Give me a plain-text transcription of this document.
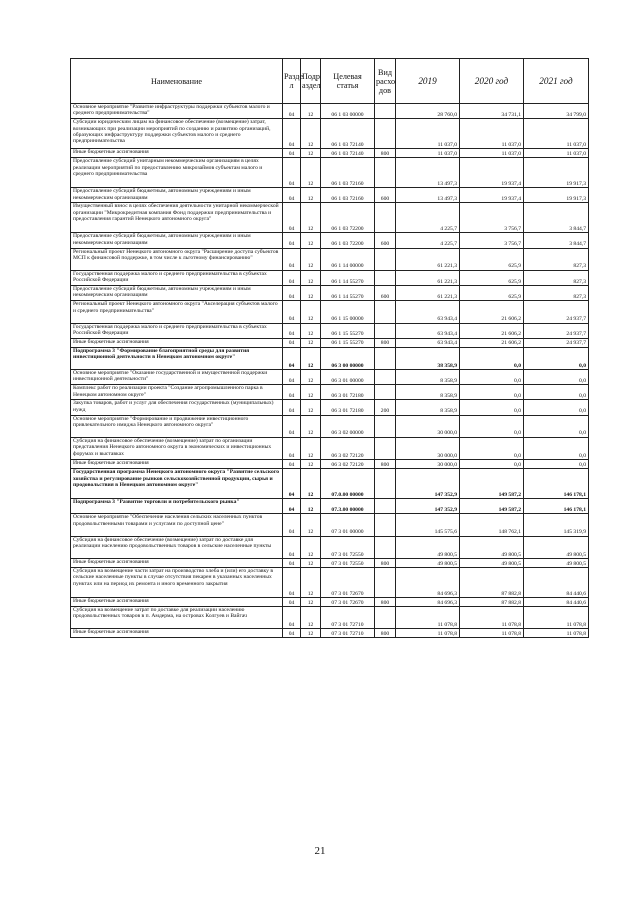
Наименование	Разде л	Подр аздел	Целевая статья	Вид расхо дов	2019	2020 год	2021 год
Основное мероприятие "Развитие инфраструктуры поддержки субъектов малого и среднего предпринимательства"	04	12	06 1 03 00000		28 760,0	34 731,1	34 799,0
Субсидии юридическим лицам на финансовое обеспечение (возмещение) затрат, возникающих при реализации мероприятий по созданию и развитию организаций, образующих инфраструктуру поддержки субъектов малого и среднего предпринимательства	04	12	06 1 03 72140		11 037,0	11 037,0	11 037,0
Иные бюджетные ассигнования	04	12	06 1 03 72140	800	11 037,0	11 037,0	11 037,0
Предоставление субсидий унитарным некоммерческим организациям в целях реализации мероприятий по предоставлению микрозаймов субъектам малого и среднего предпринимательства	04	12	06 1 03 72160		13 497,3	19 937,4	19 917,3
Предоставление субсидий бюджетным, автономным учреждениям и иным некоммерческим организациям	04	12	06 1 03 72160	600	13 497,3	19 937,4	19 917,3
Имущественный взнос в целях обеспечения деятельности унитарной некоммерческой организации "Микрокредитная компания Фонд поддержки предпринимательства и предоставления гарантий Ненецкого автономного округа"	04	12	06 1 03 72200		4 225,7	3 756,7	3 844,7
Предоставление субсидий бюджетным, автономным учреждениям и иным некоммерческим организациям	04	12	06 1 03 72200	600	4 225,7	3 756,7	3 844,7
Региональный проект Ненецкого автономного округа "Расширение доступа субъектов МСП к финансовой поддержке, в том числе к льготному финансированию"	04	12	06 1 14 00000		61 221,3	625,9	827,3
Государственная поддержка малого и среднего предпринимательства в субъектах Российской Федерации	04	12	06 1 14 55270		61 221,3	625,9	827,3
Предоставление субсидий бюджетным, автономным учреждениям и иным некоммерческим организациям	04	12	06 1 14 55270	600	61 221,3	625,9	827,3
Региональный проект Ненецкого автономного округа "Акселерация субъектов малого и среднего предпринимательства"	04	12	06 1 15 00000		63 943,4	21 606,2	24 937,7
Государственная поддержка малого и среднего предпринимательства в субъектах Российской Федерации	04	12	06 1 15 55270		63 943,4	21 606,2	24 937,7
Иные бюджетные ассигнования	04	12	06 1 15 55270	800	63 943,4	21 606,2	24 937,7
Подпрограмма 3 "Формирование благоприятной среды для развития инвестиционной деятельности в Ненецком автономном округе"	04	12	06 3 00 00000		38 358,9	0,0	0,0
Основное мероприятие "Оказание государственной и имущественной поддержки инвестиционной деятельности"	04	12	06 3 01 00000		8 358,9	0,0	0,0
Комплекс работ по реализации проекта "Создание агропромышленного парка в Ненецком автономном округе"	04	12	06 3 01 72180		8 358,9	0,0	0,0
Закупка товаров, работ и услуг для обеспечения государственных (муниципальных) нужд	04	12	06 3 01 72180	200	8 358,9	0,0	0,0
Основное мероприятие "Формирование и продвижение инвестиционного привлекательного имиджа Ненецкого автономного округа"	04	12	06 3 02 00000		30 000,0	0,0	0,0
Субсидия на финансовое обеспечение (возмещение) затрат по организации представления Ненецкого автономного округа в экономических и инвестиционных форумах и выставках	04	12	06 3 02 72120		30 000,0	0,0	0,0
Иные бюджетные ассигнования	04	12	06 3 02 72120	800	30 000,0	0,0	0,0
Государственная программа Ненецкого автономного округа "Развитие сельского хозяйства и регулирование рынков сельскохозяйственной продукции, сырья и продовольствия в Ненецком автономном округе"	04	12	07.0.00 00000		147 352,9	149 587,2	146 178,1
Подпрограмма 3 "Развитие торговли и потребительского рынка"	04	12	07.3.00 00000		147 352,9	149 587,2	146 178,1
Основное мероприятие "Обеспечение населения сельских населенных пунктов продовольственными товарами и услугами по доступной цене"	04	12	07 3 01 00000		145 575,6	148 762,1	145 319,9
Субсидия на финансовое обеспечение (возмещение) затрат по доставке для реализации населению продовольственных товаров в сельские населенные пункты	04	12	07 3 01 72550		49 800,5	49 800,5	49 800,5
Иные бюджетные ассигнования	04	12	07 3 01 72550	800	49 800,5	49 800,5	49 800,5
Субсидия на возмещение части затрат на производство хлеба и (или) его доставку в сельские населенные пункты в случае отсутствия пекарен в указанных населенных пунктах или на период их ремонта и иного временного закрытия	04	12	07 3 01 72670		84 696,3	87 882,8	84 440,6
Иные бюджетные ассигнования	04	12	07 3 01 72670	800	84 696,3	87 882,8	84 440,6
Субсидия на возмещение затрат по доставке для реализации населению продовольственных товаров в п. Амдерма, на островах Колгуев и Вайгач	04	12	07 3 01 72710		11 078,8	11 078,8	11 078,8
Иные бюджетные ассигнования	04	12	07 3 01 72710	800	11 078,8	11 078,8	11 078,8
21
